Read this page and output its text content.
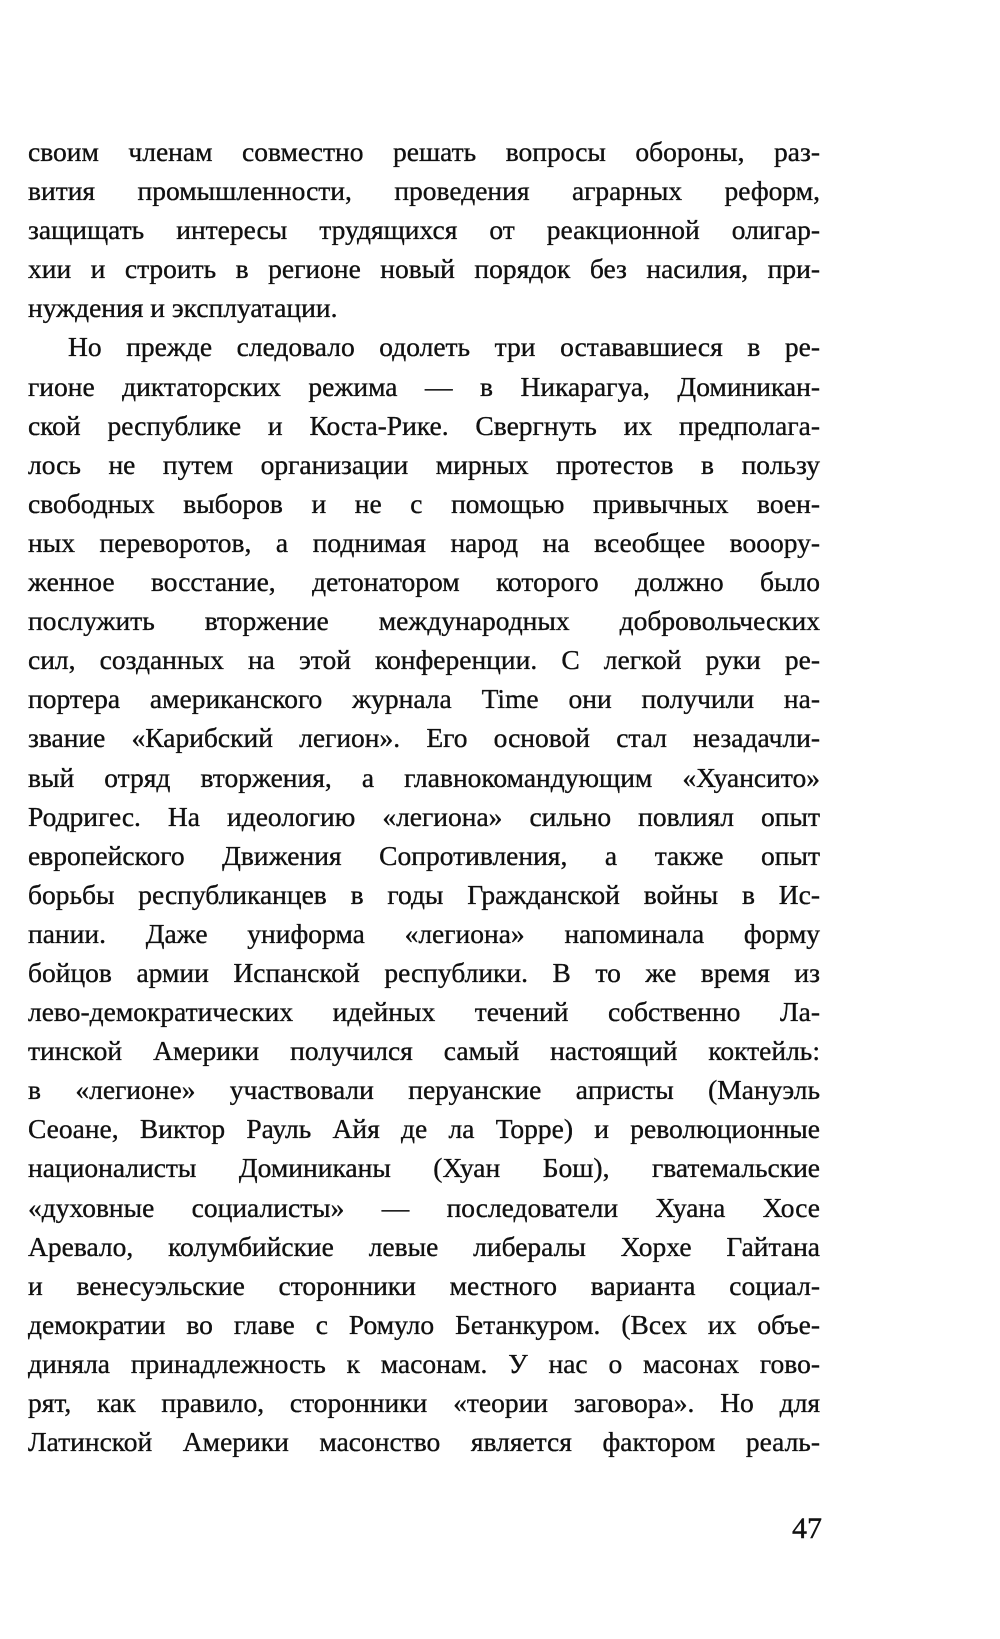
своим членам совместно решать вопросы обороны, раз-
вития промышленности, проведения аграрных реформ,
защищать интересы трудящихся от реакционной олигар-
хии и строить в регионе новый порядок без насилия, при-
нуждения и эксплуатации.
Но прежде следовало одолеть три остававшиеся в ре-
гионе диктаторских режима — в Никарагуа, Доминикан-
ской республике и Коста-Рике. Свергнуть их предполага-
лось не путем организации мирных протестов в пользу
свободных выборов и не с помощью привычных воен-
ных переворотов, а поднимая народ на всеобщее вооору-
женное восстание, детонатором которого должно было
послужить вторжение международных добровольческих
сил, созданных на этой конференции. С легкой руки ре-
портера американского журнала Time они получили на-
звание «Карибский легион». Его основой стал незадачли-
вый отряд вторжения, а главнокомандующим «Хуансито»
Родригес. На идеологию «легиона» сильно повлиял опыт
европейского Движения Сопротивления, а также опыт
борьбы республиканцев в годы Гражданской войны в Ис-
пании. Даже униформа «легиона» напоминала форму
бойцов армии Испанской республики. В то же время из
лево-демократических идейных течений собственно Ла-
тинской Америки получился самый настоящий коктейль:
в «легионе» участвовали перуанские aпристы (Мануэль
Сеоане, Виктор Рауль Айя де ла Торре) и революционные
националисты Доминиканы (Хуан Бош), гватемальские
«духовные социалисты» — последователи Хуана Хосе
Аревало, колумбийские левые либералы Хорхе Гайтана
и венесуэльские сторонники местного варианта социал-
демократии во главе с Ромуло Бетанкуром. (Всех их объе-
диняла принадлежность к масонам. У нас о масонах гово-
рят, как правило, сторонники «теории заговора». Но для
Латинской Америки масонство является фактором реаль-
47
